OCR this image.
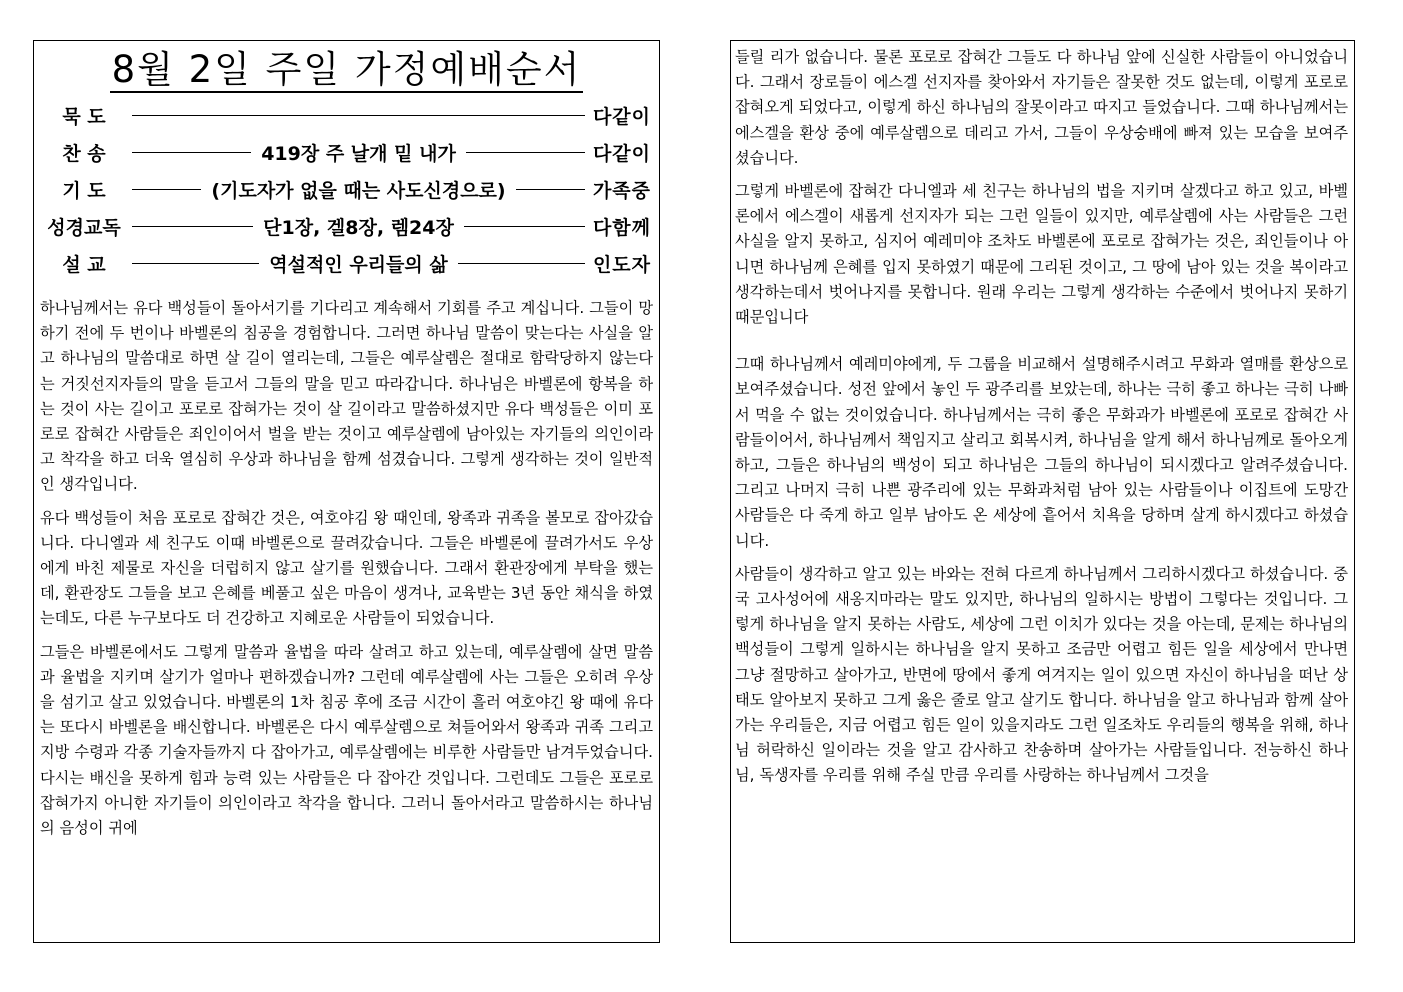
8월 2일 주일 가정예배순서
묵 도	다같이
찬 송	419장 주 날개 밑 내가	다같이
기 도	(기도자가 없을 때는 사도신경으로)	가족중
성경교독	단1장, 겔8장, 렘24장	다함께
설 교	역설적인 우리들의 삶	인도자

하나님께서는 유다 백성들이 돌아서기를 기다리고 계속해서 기회를 주고 계십니다. 그들이 망하기 전에 두 번이나 바벨론의 침공을 경험합니다. 그러면 하나님 말씀이 맞는다는 사실을 알고 하나님의 말씀대로 하면 살 길이 열리는데, 그들은 예루살렘은 절대로 함락당하지 않는다는 거짓선지자들의 말을 듣고서 그들의 말을 믿고 따라갑니다. 하나님은 바벨론에 항복을 하는 것이 사는 길이고 포로로 잡혀가는 것이 살 길이라고 말씀하셨지만 유다 백성들은 이미 포로로 잡혀간 사람들은 죄인이어서 벌을 받는 것이고 예루살렘에 남아있는 자기들의 의인이라고 착각을 하고 더욱 열심히 우상과 하나님을 함께 섬겼습니다. 그렇게 생각하는 것이 일반적인 생각입니다.

유다 백성들이 처음 포로로 잡혀간 것은, 여호야김 왕 때인데, 왕족과 귀족을 볼모로 잡아갔습니다. 다니엘과 세 친구도 이때 바벨론으로 끌려갔습니다. 그들은 바벨론에 끌려가서도 우상에게 바친 제물로 자신을 더럽히지 않고 살기를 원했습니다. 그래서 환관장에게 부탁을 했는데, 환관장도 그들을 보고 은혜를 베풀고 싶은 마음이 생겨나, 교육받는 3년 동안 채식을 하였는데도, 다른 누구보다도 더 건강하고 지혜로운 사람들이 되었습니다.

그들은 바벨론에서도 그렇게 말씀과 율법을 따라 살려고 하고 있는데, 예루살렘에 살면 말씀과 율법을 지키며 살기가 얼마나 편하겠습니까? 그런데 예루살렘에 사는 그들은 오히려 우상을 섬기고 살고 있었습니다. 바벨론의 1차 침공 후에 조금 시간이 흘러 여호야긴 왕 때에 유다는 또다시 바벨론을 배신합니다. 바벨론은 다시 예루살렘으로 쳐들어와서 왕족과 귀족 그리고 지방 수령과 각종 기술자들까지 다 잡아가고, 예루살렘에는 비루한 사람들만 남겨두었습니다. 다시는 배신을 못하게 힘과 능력 있는 사람들은 다 잡아간 것입니다. 그런데도 그들은 포로로 잡혀가지 아니한 자기들이 의인이라고 착각을 합니다. 그러니 돌아서라고 말씀하시는 하나님의 음성이 귀에

들릴 리가 없습니다. 물론 포로로 잡혀간 그들도 다 하나님 앞에 신실한 사람들이 아니었습니다. 그래서 장로들이 에스겔 선지자를 찾아와서 자기들은 잘못한 것도 없는데, 이렇게 포로로 잡혀오게 되었다고, 이렇게 하신 하나님의 잘못이라고 따지고 들었습니다. 그때 하나님께서는 에스겔을 환상 중에 예루살렘으로 데리고 가서, 그들이 우상숭배에 빠져 있는 모습을 보여주셨습니다.

그렇게 바벨론에 잡혀간 다니엘과 세 친구는 하나님의 법을 지키며 살겠다고 하고 있고, 바벨론에서 에스겔이 새롭게 선지자가 되는 그런 일들이 있지만, 예루살렘에 사는 사람들은 그런 사실을 알지 못하고, 심지어 예레미야 조차도 바벨론에 포로로 잡혀가는 것은, 죄인들이나 아니면 하나님께 은혜를 입지 못하였기 때문에 그리된 것이고, 그 땅에 남아 있는 것을 복이라고 생각하는데서 벗어나지를 못합니다. 원래 우리는 그렇게 생각하는 수준에서 벗어나지 못하기 때문입니다

그때 하나님께서 예레미야에게, 두 그룹을 비교해서 설명해주시려고 무화과 열매를 환상으로 보여주셨습니다. 성전 앞에서 놓인 두 광주리를 보았는데, 하나는 극히 좋고 하나는 극히 나빠서 먹을 수 없는 것이었습니다. 하나님께서는 극히 좋은 무화과가 바벨론에 포로로 잡혀간 사람들이어서, 하나님께서 책임지고 살리고 회복시켜, 하나님을 알게 해서 하나님께로 돌아오게 하고, 그들은 하나님의 백성이 되고 하나님은 그들의 하나님이 되시겠다고 알려주셨습니다. 그리고 나머지 극히 나쁜 광주리에 있는 무화과처럼 남아 있는 사람들이나 이집트에 도망간 사람들은 다 죽게 하고 일부 남아도 온 세상에 흩어서 치욕을 당하며 살게 하시겠다고 하셨습니다.

사람들이 생각하고 알고 있는 바와는 전혀 다르게 하나님께서 그리하시겠다고 하셨습니다. 중국 고사성어에 새옹지마라는 말도 있지만, 하나님의 일하시는 방법이 그렇다는 것입니다. 그렇게 하나님을 알지 못하는 사람도, 세상에 그런 이치가 있다는 것을 아는데, 문제는 하나님의 백성들이 그렇게 일하시는 하나님을 알지 못하고 조금만 어렵고 힘든 일을 세상에서 만나면 그냥 절망하고 살아가고, 반면에 땅에서 좋게 여겨지는 일이 있으면 자신이 하나님을 떠난 상태도 알아보지 못하고 그게 옳은 줄로 알고 살기도 합니다. 하나님을 알고 하나님과 함께 살아가는 우리들은, 지금 어렵고 힘든 일이 있을지라도 그런 일조차도 우리들의 행복을 위해, 하나님 허락하신 일이라는 것을 알고 감사하고 찬송하며 살아가는 사람들입니다. 전능하신 하나님, 독생자를 우리를 위해 주실 만큼 우리를 사랑하는 하나님께서 그것을
